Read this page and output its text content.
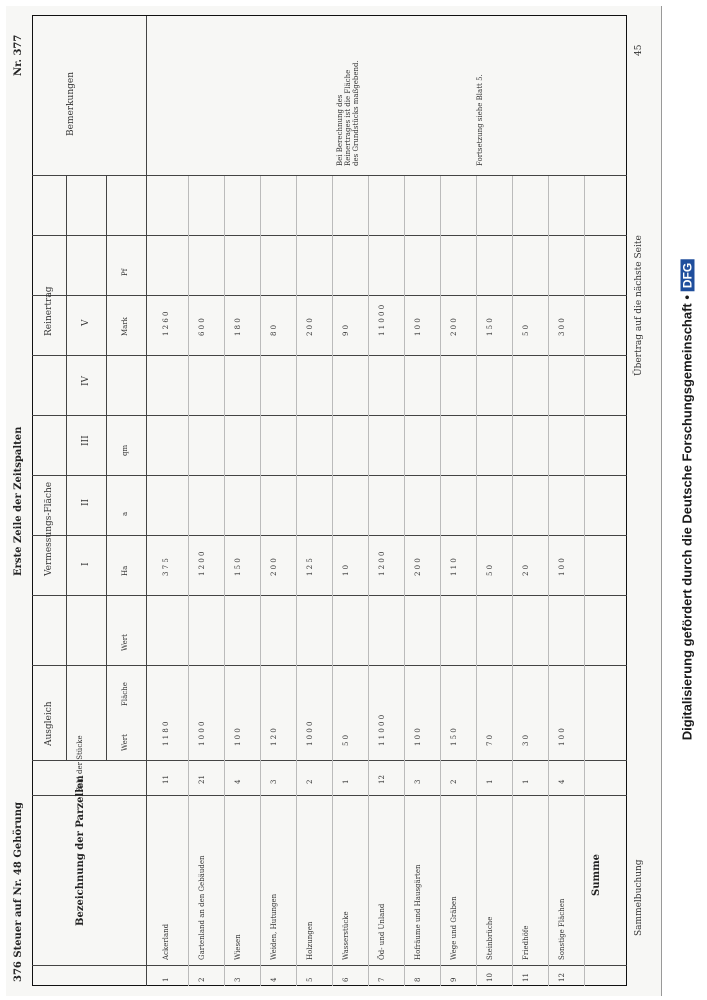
376 Steuer auf Nr. 48 Gehörung
Erste Zeile der Zeitspalten
Nr. 377
Bezeichnung der Parzellen
Zahl der Stücke
Ausgleich
Vermessungs-Fläche
Reinertrag
Bemerkungen
Wert
Fläche
Wert
Ha
a
qm
Mark
Pf
I
II
III
IV
V
1
Ackerland
11
1 1 8 0
3 7 5
1 2 6 0
2
Gartenland an den Gebäuden
21
1 0 0 0
1 2 0 0
6 0 0
3
Wiesen
4
1 0 0
1 5 0
1 8 0
4
Weiden, Hutungen
3
1 2 0
2 0 0
8 0
5
Holzungen
2
1 0 0 0
1 2 5
2 0 0
6
Wasserstücke
1
5 0
1 0
9 0
7
Öd- und Unland
12
1 1 0 0 0
1 2 0 0
1 1 0 0 0
8
Hofräume und Hausgärten
3
1 0 0
2 0 0
1 0 0
9
Wege und Gräben
2
1 5 0
1 1 0
2 0 0
10
Steinbrüche
1
7 0
5 0
1 5 0
11
Friedhöfe
1
3 0
2 0
5 0
12
Sonstige Flächen
4
1 0 0
1 0 0
3 0 0
Summe
Bei Berechnung des Reinertrages ist die Fläche des Grundstücks maßgebend.	Fortsetzung siehe Blatt 5.
Sammelbuchung
Übertrag auf die nächste Seite
45
Digitalisierung gefördert durch die Deutsche Forschungsgemeinschaft •DFG
